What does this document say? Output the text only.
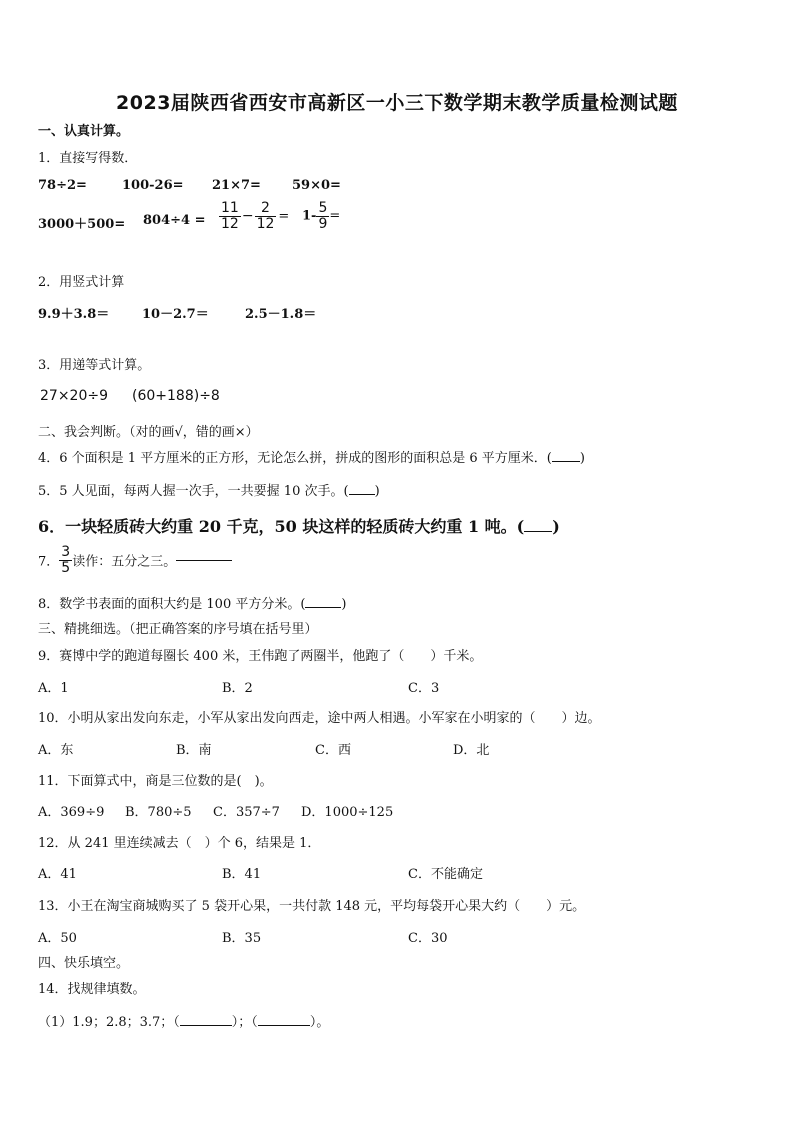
2023届陕西省西安市高新区一小三下数学期末教学质量检测试题
一、认真计算。
1．直接写得数．
78÷2=	100-26= 21×7= 59×0=
$3000+500= 804\div 4 = \frac{11}{12} - \frac{2}{12} = 1- \frac{5}{9}$ =
2．用竖式计算
9.9＋3.8＝	10－2.7＝	2.5－1.8＝
3．用递等式计算。
27×20÷9 (60+188)÷8
二、我会判断。（对的画√，错的画×）
4．6 个面积是 1 平方厘米的正方形，无论怎么拼，拼成的图形的面积总是 6 平方厘米．( )
5．5 人见面，每两人握一次手，一共要握 10 次手。( )
6．一块轻质砖大约重 20 千克，50 块这样的轻质砖大约重 1 吨。( )
7． $\frac{3}{5}$ 读作：五分之三。
8．数学书表面的面积大约是 100 平方分米。(	)
三、精挑细选。（把正确答案的序号填在括号里）
9．赛博中学的跑道每圈长 400 米，王伟跑了两圈半，他跑了（　　）千米。
A．1	B．2	C．3
10．小明从家出发向东走，小军从家出发向西走，途中两人相遇。小军家在小明家的（　　）边。
A．东	B．南	C．西	D．北
11．下面算式中，商是三位数的是(　)。
A．369÷9 B．780÷5 C．357÷7 D．1000÷125
12．从 241 里连续减去（　）个 6，结果是 1．
A．41	B．41	C．不能确定
13．小王在淘宝商城购买了 5 袋开心果，一共付款 148 元，平均每袋开心果大约（　　）元。
A．50	B．35	C．30
四、快乐填空。
14．找规律填数。
（1）1.9；2.8；3.7；（	）；（	）。
